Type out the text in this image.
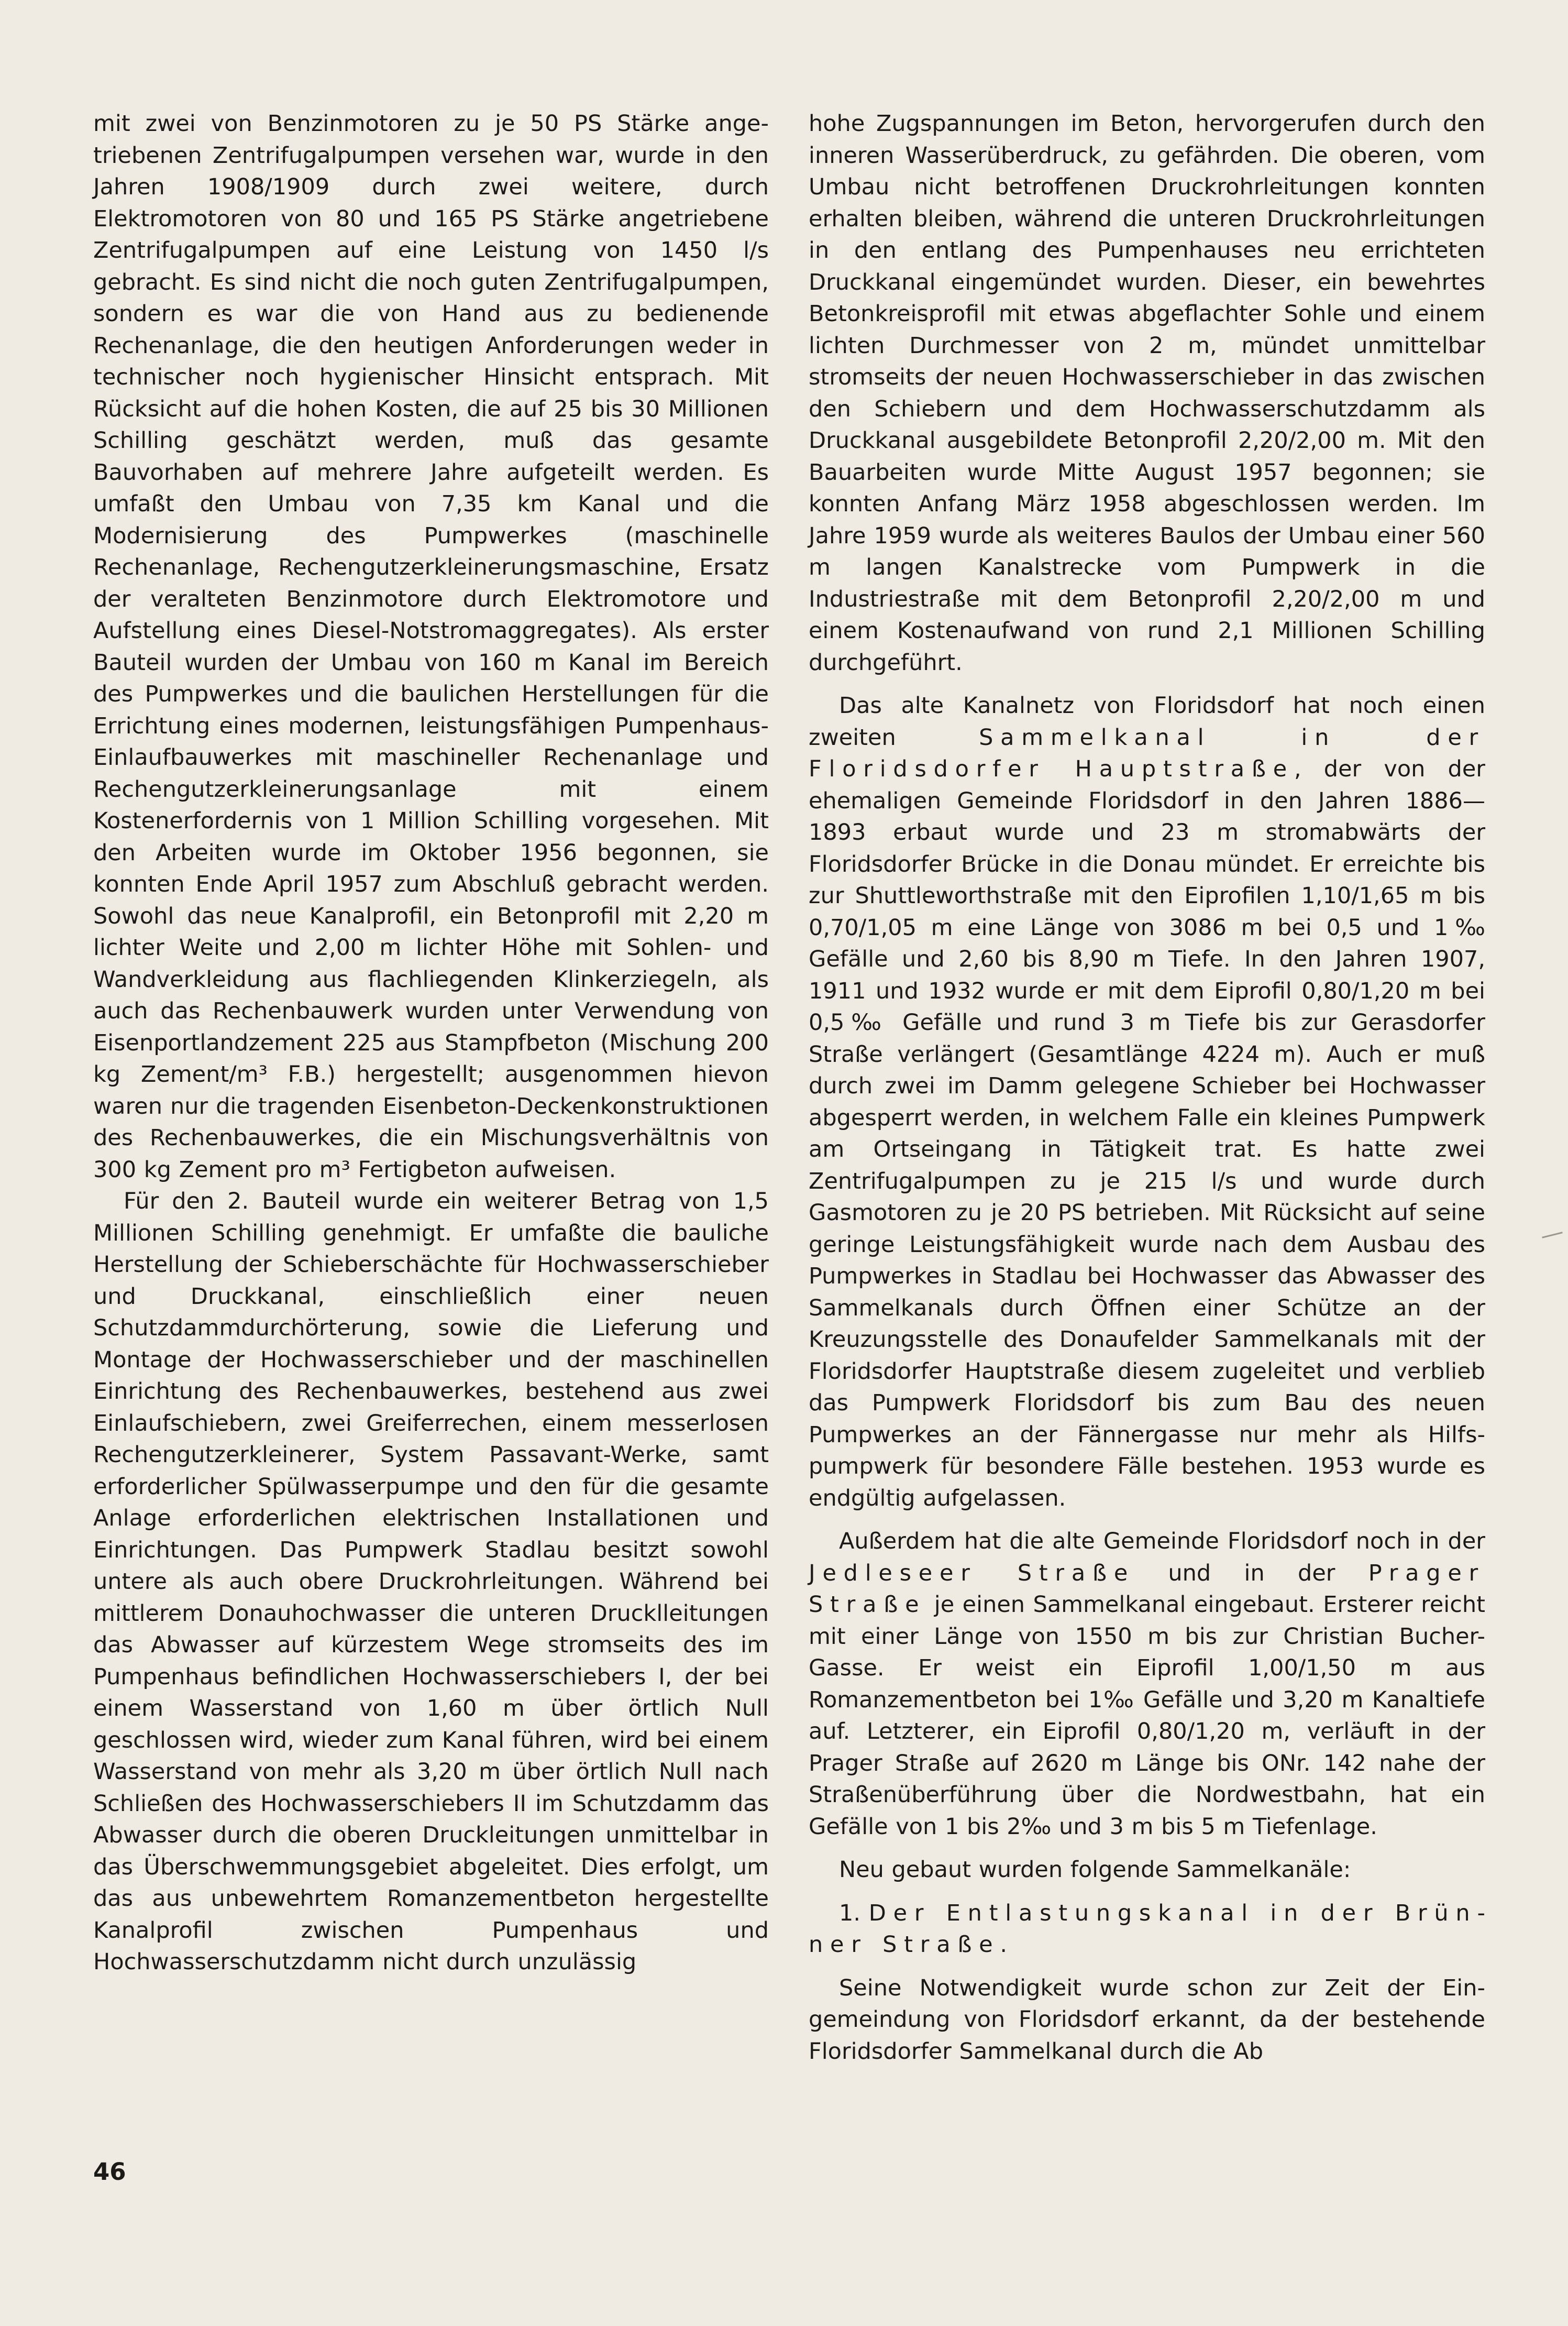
mit zwei von Benzinmotoren zu je 50 PS Stärke angetriebenen Zentrifugalpumpen versehen war, wurde in den Jahren 1908/1909 durch zwei weitere, durch Elektromotoren von 80 und 165 PS Stärke angetriebene Zentrifugalpumpen auf eine Leistung von 1450 l/s gebracht. Es sind nicht die noch guten Zentrifugalpumpen, sondern es war die von Hand aus zu bedienende Rechenanlage, die den heutigen Anforderungen weder in technischer noch hygienischer Hinsicht entsprach. Mit Rücksicht auf die hohen Kosten, die auf 25 bis 30 Millionen Schilling geschätzt werden, muß das gesamte Bauvorhaben auf mehrere Jahre aufgeteilt werden. Es umfaßt den Umbau von 7,35 km Kanal und die Modernisierung des Pumpwerkes (maschinelle Rechenanlage, Rechengutzerkleinerungsmaschine, Ersatz der veralteten Benzinmotore durch Elektromotore und Aufstellung eines Diesel-Notstromaggregates). Als erster Bauteil wurden der Umbau von 160 m Kanal im Bereich des Pumpwerkes und die baulichen Herstellungen für die Errichtung eines modernen, leistungsfähigen Pumpenhaus-Einlaufbauwerkes mit maschineller Rechenanlage und Rechengutzerkleinerungsanlage mit einem Kostenerfordernis von 1 Million Schilling vorgesehen. Mit den Arbeiten wurde im Oktober 1956 begonnen, sie konnten Ende April 1957 zum Abschluß gebracht werden. Sowohl das neue Kanalprofil, ein Betonprofil mit 2,20 m lichter Weite und 2,00 m lichter Höhe mit Sohlen- und Wandverkleidung aus flachliegenden Klinkerziegeln, als auch das Rechenbauwerk wurden unter Verwendung von Eisenportlandzement 225 aus Stampfbeton (Mischung 200 kg Zement/m³ F.B.) hergestellt; ausgenommen hievon waren nur die tragenden Eisenbeton-Deckenkonstruktionen des Rechenbauwerkes, die ein Mischungsverhältnis von 300 kg Zement pro m³ Fertigbeton aufweisen.

Für den 2. Bauteil wurde ein weiterer Betrag von 1,5 Millionen Schilling genehmigt. Er umfaßte die bauliche Herstellung der Schieberschächte für Hochwasserschieber und Druckkanal, einschließlich einer neuen Schutzdammdurchörterung, sowie die Lieferung und Montage der Hochwasserschieber und der maschinellen Einrichtung des Rechenbauwerkes, bestehend aus zwei Einlaufschiebern, zwei Greiferrechen, einem messerlosen Rechengutzerkleinerer, System Passavant-Werke, samt erforderlicher Spülwasserpumpe und den für die gesamte Anlage erforderlichen elektrischen Installationen und Einrichtungen. Das Pumpwerk Stadlau besitzt sowohl untere als auch obere Druckrohrleitungen. Während bei mittlerem Donauhochwasser die unteren Drucklleitungen das Abwasser auf kürzestem Wege stromseits des im Pumpenhaus befindlichen Hochwasserschiebers I, der bei einem Wasserstand von 1,60 m über örtlich Null geschlossen wird, wieder zum Kanal führen, wird bei einem Wasserstand von mehr als 3,20 m über örtlich Null nach Schließen des Hochwasserschiebers II im Schutzdamm das Abwasser durch die oberen Druckleitungen unmittelbar in das Überschwemmungsgebiet abgeleitet. Dies erfolgt, um das aus unbewehrtem Romanzementbeton hergestellte Kanalprofil zwischen Pumpenhaus und Hochwasserschutzdamm nicht durch unzulässig

hohe Zugspannungen im Beton, hervorgerufen durch den inneren Wasserüberdruck, zu gefährden. Die oberen, vom Umbau nicht betroffenen Druckrohrleitungen konnten erhalten bleiben, während die unteren Druckrohrleitungen in den entlang des Pumpenhauses neu errichteten Druckkanal eingemündet wurden. Dieser, ein bewehrtes Betonkreisprofil mit etwas abgeflachter Sohle und einem lichten Durchmesser von 2 m, mündet unmittelbar stromseits der neuen Hochwasserschieber in das zwischen den Schiebern und dem Hochwasserschutzdamm als Druckkanal ausgebildete Betonprofil 2,20/2,00 m. Mit den Bauarbeiten wurde Mitte August 1957 begonnen; sie konnten Anfang März 1958 abgeschlossen werden. Im Jahre 1959 wurde als weiteres Baulos der Umbau einer 560 m langen Kanalstrecke vom Pumpwerk in die Industriestraße mit dem Betonprofil 2,20/2,00 m und einem Kostenaufwand von rund 2,1 Millionen Schilling durchgeführt.

Das alte Kanalnetz von Floridsdorf hat noch einen zweiten Sammelkanal in der Floridsdorfer Hauptstraße, der von der ehemaligen Gemeinde Floridsdorf in den Jahren 1886—1893 erbaut wurde und 23 m stromabwärts der Floridsdorfer Brücke in die Donau mündet. Er erreichte bis zur Shuttleworthstraße mit den Eiprofilen 1,10/1,65 m bis 0,70/1,05 m eine Länge von 3086 m bei 0,5 und 1‰ Gefälle und 2,60 bis 8,90 m Tiefe. In den Jahren 1907, 1911 und 1932 wurde er mit dem Eiprofil 0,80/1,20 m bei 0,5‰ Gefälle und rund 3 m Tiefe bis zur Gerasdorfer Straße verlängert (Gesamtlänge 4224 m). Auch er muß durch zwei im Damm gelegene Schieber bei Hochwasser abgesperrt werden, in welchem Falle ein kleines Pumpwerk am Ortseingang in Tätigkeit trat. Es hatte zwei Zentrifugalpumpen zu je 215 l/s und wurde durch Gasmotoren zu je 20 PS betrieben. Mit Rücksicht auf seine geringe Leistungsfähigkeit wurde nach dem Ausbau des Pumpwerkes in Stadlau bei Hochwasser das Abwasser des Sammelkanals durch Öffnen einer Schütze an der Kreuzungsstelle des Donaufelder Sammelkanals mit der Floridsdorfer Hauptstraße diesem zugeleitet und verblieb das Pumpwerk Floridsdorf bis zum Bau des neuen Pumpwerkes an der Fännergasse nur mehr als Hilfspumpwerk für besondere Fälle bestehen. 1953 wurde es endgültig aufgelassen.

Außerdem hat die alte Gemeinde Floridsdorf noch in der Jedleseer Straße und in der Prager Straße je einen Sammelkanal eingebaut. Ersterer reicht mit einer Länge von 1550 m bis zur Christian Bucher-Gasse. Er weist ein Eiprofil 1,00/1,50 m aus Romanzementbeton bei 1‰ Gefälle und 3,20 m Kanaltiefe auf. Letzterer, ein Eiprofil 0,80/1,20 m, verläuft in der Prager Straße auf 2620 m Länge bis ONr. 142 nahe der Straßenüberführung über die Nordwestbahn, hat ein Gefälle von 1 bis 2‰ und 3 m bis 5 m Tiefenlage.

Neu gebaut wurden folgende Sammelkanäle:

1. Der Entlastungskanal in der Brünner Straße.

Seine Notwendigkeit wurde schon zur Zeit der Eingemeindung von Floridsdorf erkannt, da der bestehende Floridsdorfer Sammelkanal durch die Ab

46
